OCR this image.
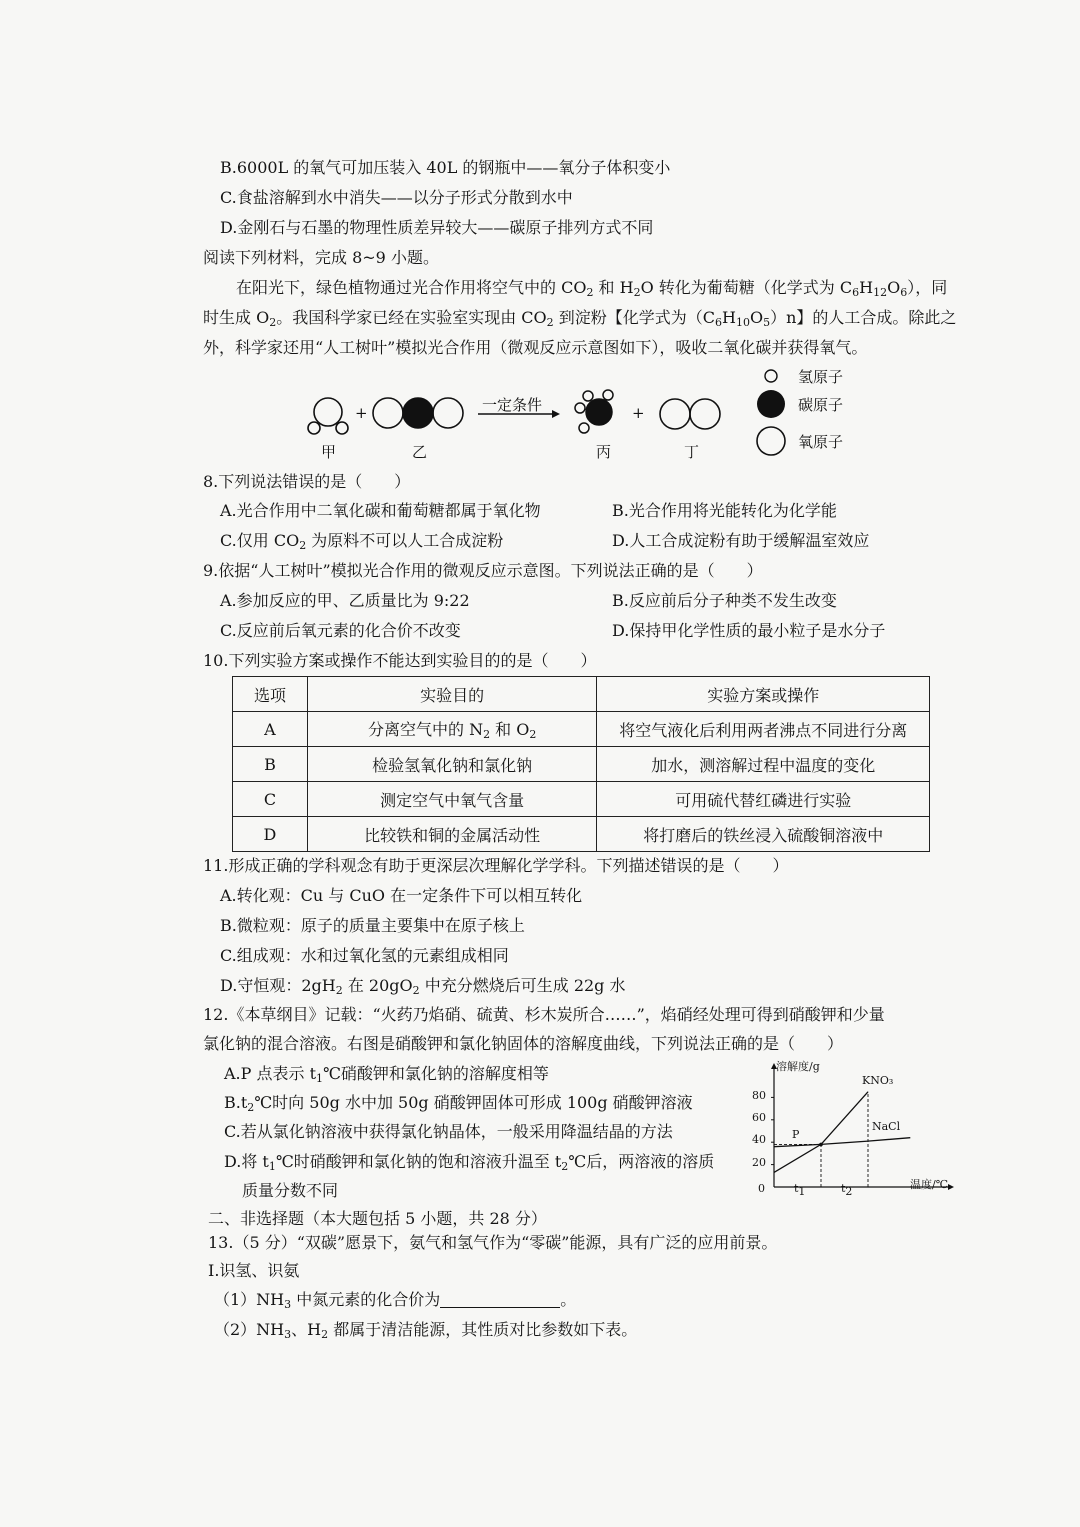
B.6000L 的氧气可加压装入 40L 的钢瓶中——氧分子体积变小
C.食盐溶解到水中消失——以分子形式分散到水中
D.金刚石与石墨的物理性质差异较大——碳原子排列方式不同
阅读下列材料，完成 8~9 小题。
在阳光下，绿色植物通过光合作用将空气中的 $CO_2$ 和 $H_2O$ 转化为葡萄糖（化学式为 $C_6H_{12}O_6$），同
时生成 $O_2$。我国科学家已经在实验室实现由 $CO_2$ 到淀粉【化学式为$(C_6H_{10}O_5)n$】的人工合成。除此之
外，科学家还用“人工树叶”模拟光合作用（微观反应示意图如下），吸收二氧化碳并获得氧气。
+	一定条件	+
甲	乙	丙	丁
氢原子
碳原子
氧原子
8.下列说法错误的是（　　）
A.光合作用中二氧化碳和葡萄糖都属于氧化物	B.光合作用将光能转化为化学能
C.仅用 $CO_2$ 为原料不可以人工合成淀粉	D.人工合成淀粉有助于缓解温室效应
9.依据“人工树叶”模拟光合作用的微观反应示意图。下列说法正确的是（　　）
A.参加反应的甲、乙质量比为 9:22	B.反应前后分子种类不发生改变
C.反应前后氧元素的化合价不改变	D.保持甲化学性质的最小粒子是水分子
10.下列实验方案或操作不能达到实验目的的是（　　）
选项	实验目的	实验方案或操作
A	分离空气中的 $N_2$ 和 $O_2$	将空气液化后利用两者沸点不同进行分离
B	检验氢氧化钠和氯化钠	加水，测溶解过程中温度的变化
C	测定空气中氧气含量	可用硫代替红磷进行实验
D	比较铁和铜的金属活动性	将打磨后的铁丝浸入硫酸铜溶液中
11.形成正确的学科观念有助于更深层次理解化学学科。下列描述错误的是（　　）
A.转化观：Cu 与 CuO 在一定条件下可以相互转化
B.微粒观：原子的质量主要集中在原子核上
C.组成观：水和过氧化氢的元素组成相同
D.守恒观：$2gH_2$ 在 $20gO_2$ 中充分燃烧后可生成 22g 水
12.《本草纲目》记载：“火药乃焰硝、硫黄、杉木炭所合……”，焰硝经处理可得到硝酸钾和少量
氯化钠的混合溶液。右图是硝酸钾和氯化钠固体的溶解度曲线，下列说法正确的是（　　）
A.P 点表示 $t_1℃$硝酸钾和氯化钠的溶解度相等
$B.t_2℃$时向 50g 水中加 50g 硝酸钾固体可形成 100g 硝酸钾溶液
C.若从氯化钠溶液中获得氯化钠晶体，一般采用降温结晶的方法
D.将 $t_1℃$时硝酸钾和氯化钠的饱和溶液升温至 $t_2℃$后，两溶液的溶质
质量分数不同
溶解度/g
温度/℃
0
20
40
60
80
t1	t2
P
KNO₃
NaCl
二、非选择题（本大题包括 5 小题，共 28 分）
13.（5 分）“双碳”愿景下，氨气和氢气作为“零碳”能源，具有广泛的应用前景。
I.识氢、识氨
$(1)NH_3$ 中氮元素的化合价为	。
$(2)NH_3$、$H_2$ 都属于清洁能源，其性质对比参数如下表。
